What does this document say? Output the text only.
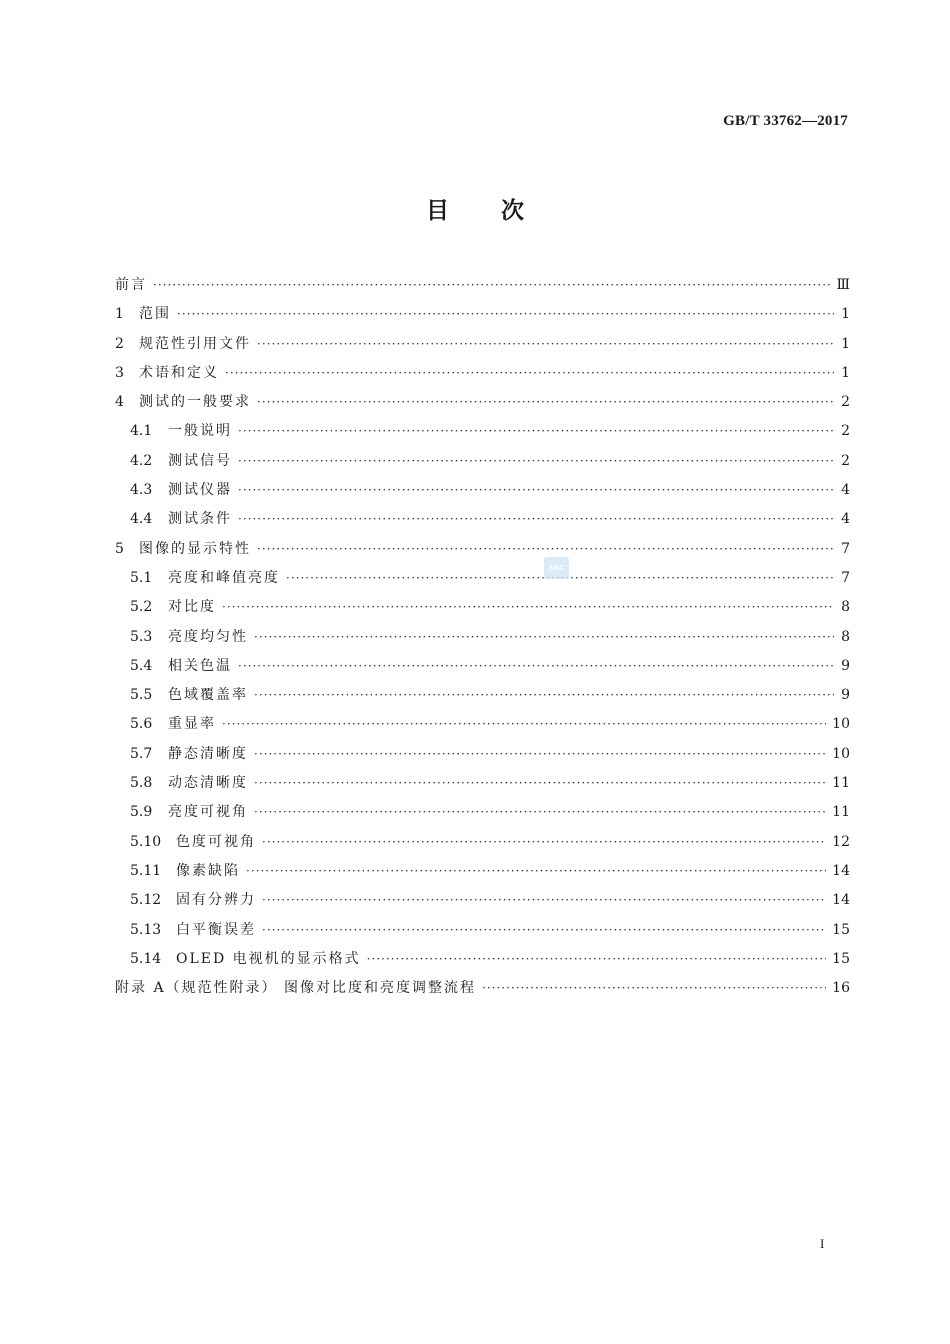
GB/T 33762—2017
目 次
前言 ·····	Ⅲ
1	范围 ·····	1
2	规范性引用文件 ·····	1
3	术语和定义 ·····	1
4	测试的一般要求 ·····	2
4.1	一般说明 ·····	2
4.2	测试信号 ·····	2
4.3	测试仪器 ·····	4
4.4	测试条件 ·····	4
5	图像的显示特性 ·····	7
5.1	亮度和峰值亮度 ·····	7
5.2	对比度 ·····	8
5.3	亮度均匀性 ·····	8
5.4	相关色温 ·····	9
5.5	色域覆盖率 ·····	9
5.6	重显率 ·····	10
5.7	静态清晰度 ·····	10
5.8	动态清晰度 ·····	11
5.9	亮度可视角 ·····	11
5.10	色度可视角 ·····	12
5.11	像素缺陷 ·····	14
5.12	固有分辨力 ·····	14
5.13	白平衡误差 ·····	15
5.14	OLED 电视机的显示格式 ·····	15
附录 A（规范性附录） 图像对比度和亮度调整流程 ·····	16
SAC
I
